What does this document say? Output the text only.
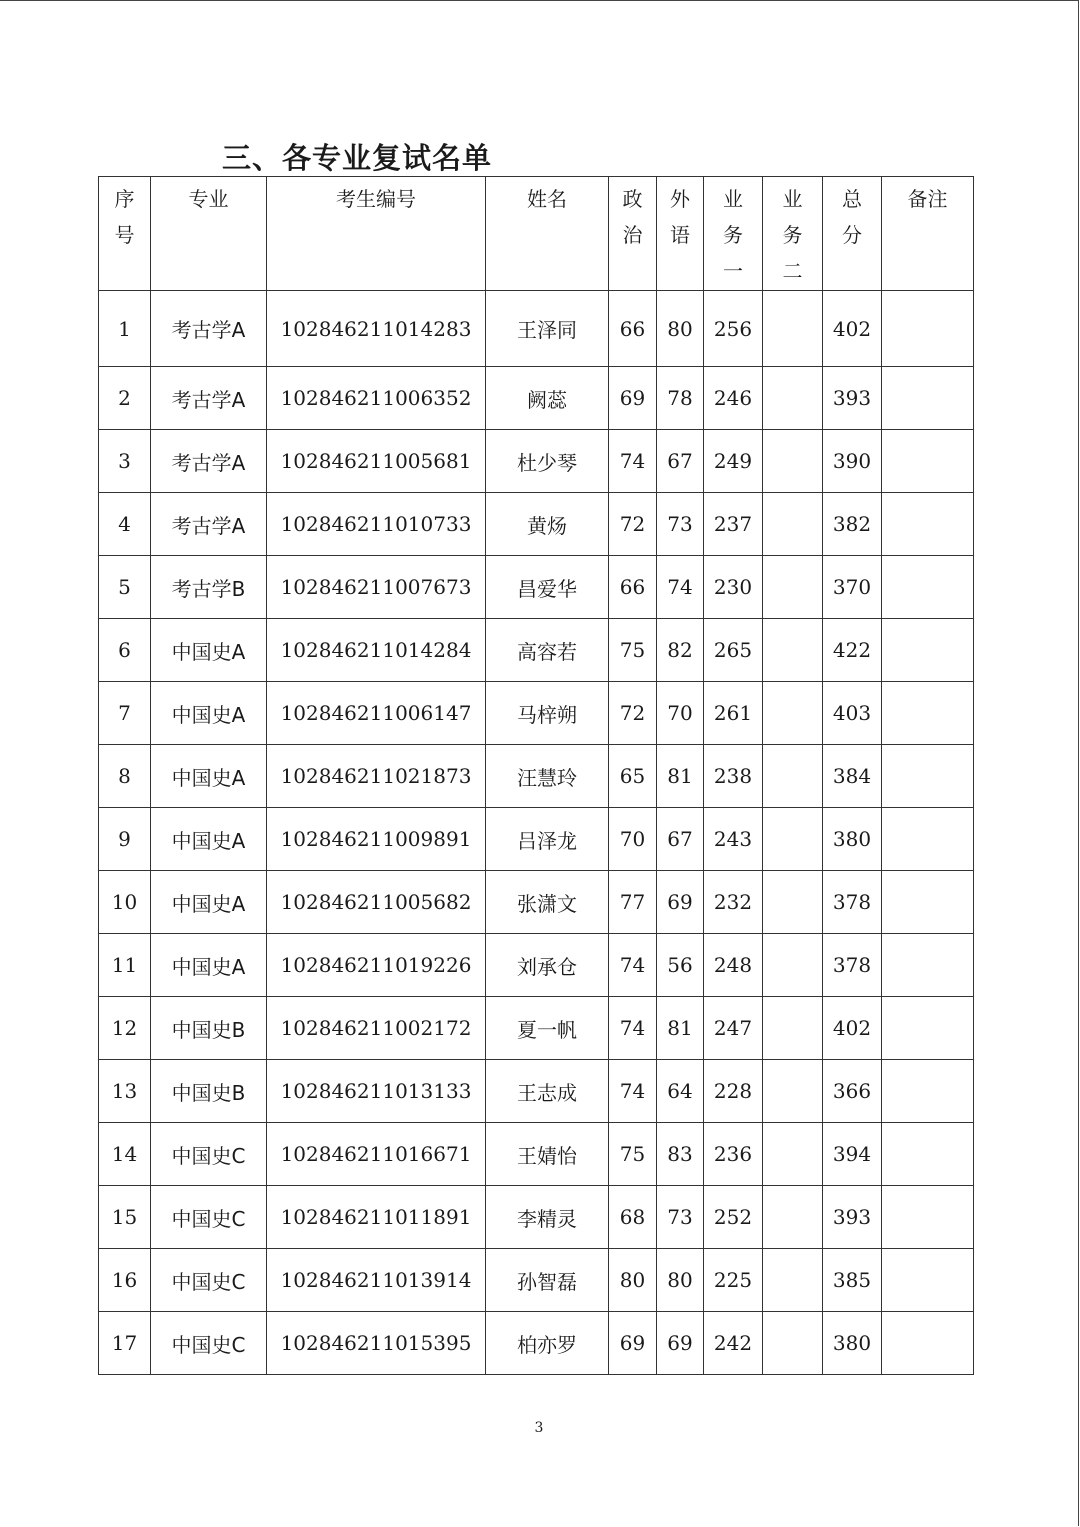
三、各专业复试名单
序号	专业	考生编号	姓名	政治	外语	业务一	业务二	总分	备注
1	考古学A	102846211014283	王泽同	66	80	256		402	
2	考古学A	102846211006352	阙蕊	69	78	246		393	
3	考古学A	102846211005681	杜少琴	74	67	249		390	
4	考古学A	102846211010733	黄炀	72	73	237		382	
5	考古学B	102846211007673	昌爱华	66	74	230		370	
6	中国史A	102846211014284	高容若	75	82	265		422	
7	中国史A	102846211006147	马梓朔	72	70	261		403	
8	中国史A	102846211021873	汪慧玲	65	81	238		384	
9	中国史A	102846211009891	吕泽龙	70	67	243		380	
10	中国史A	102846211005682	张潇文	77	69	232		378	
11	中国史A	102846211019226	刘承仓	74	56	248		378	
12	中国史B	102846211002172	夏一帆	74	81	247		402	
13	中国史B	102846211013133	王志成	74	64	228		366	
14	中国史C	102846211016671	王婧怡	75	83	236		394	
15	中国史C	102846211011891	李精灵	68	73	252		393	
16	中国史C	102846211013914	孙智磊	80	80	225		385	
17	中国史C	102846211015395	柏亦罗	69	69	242		380	
3
